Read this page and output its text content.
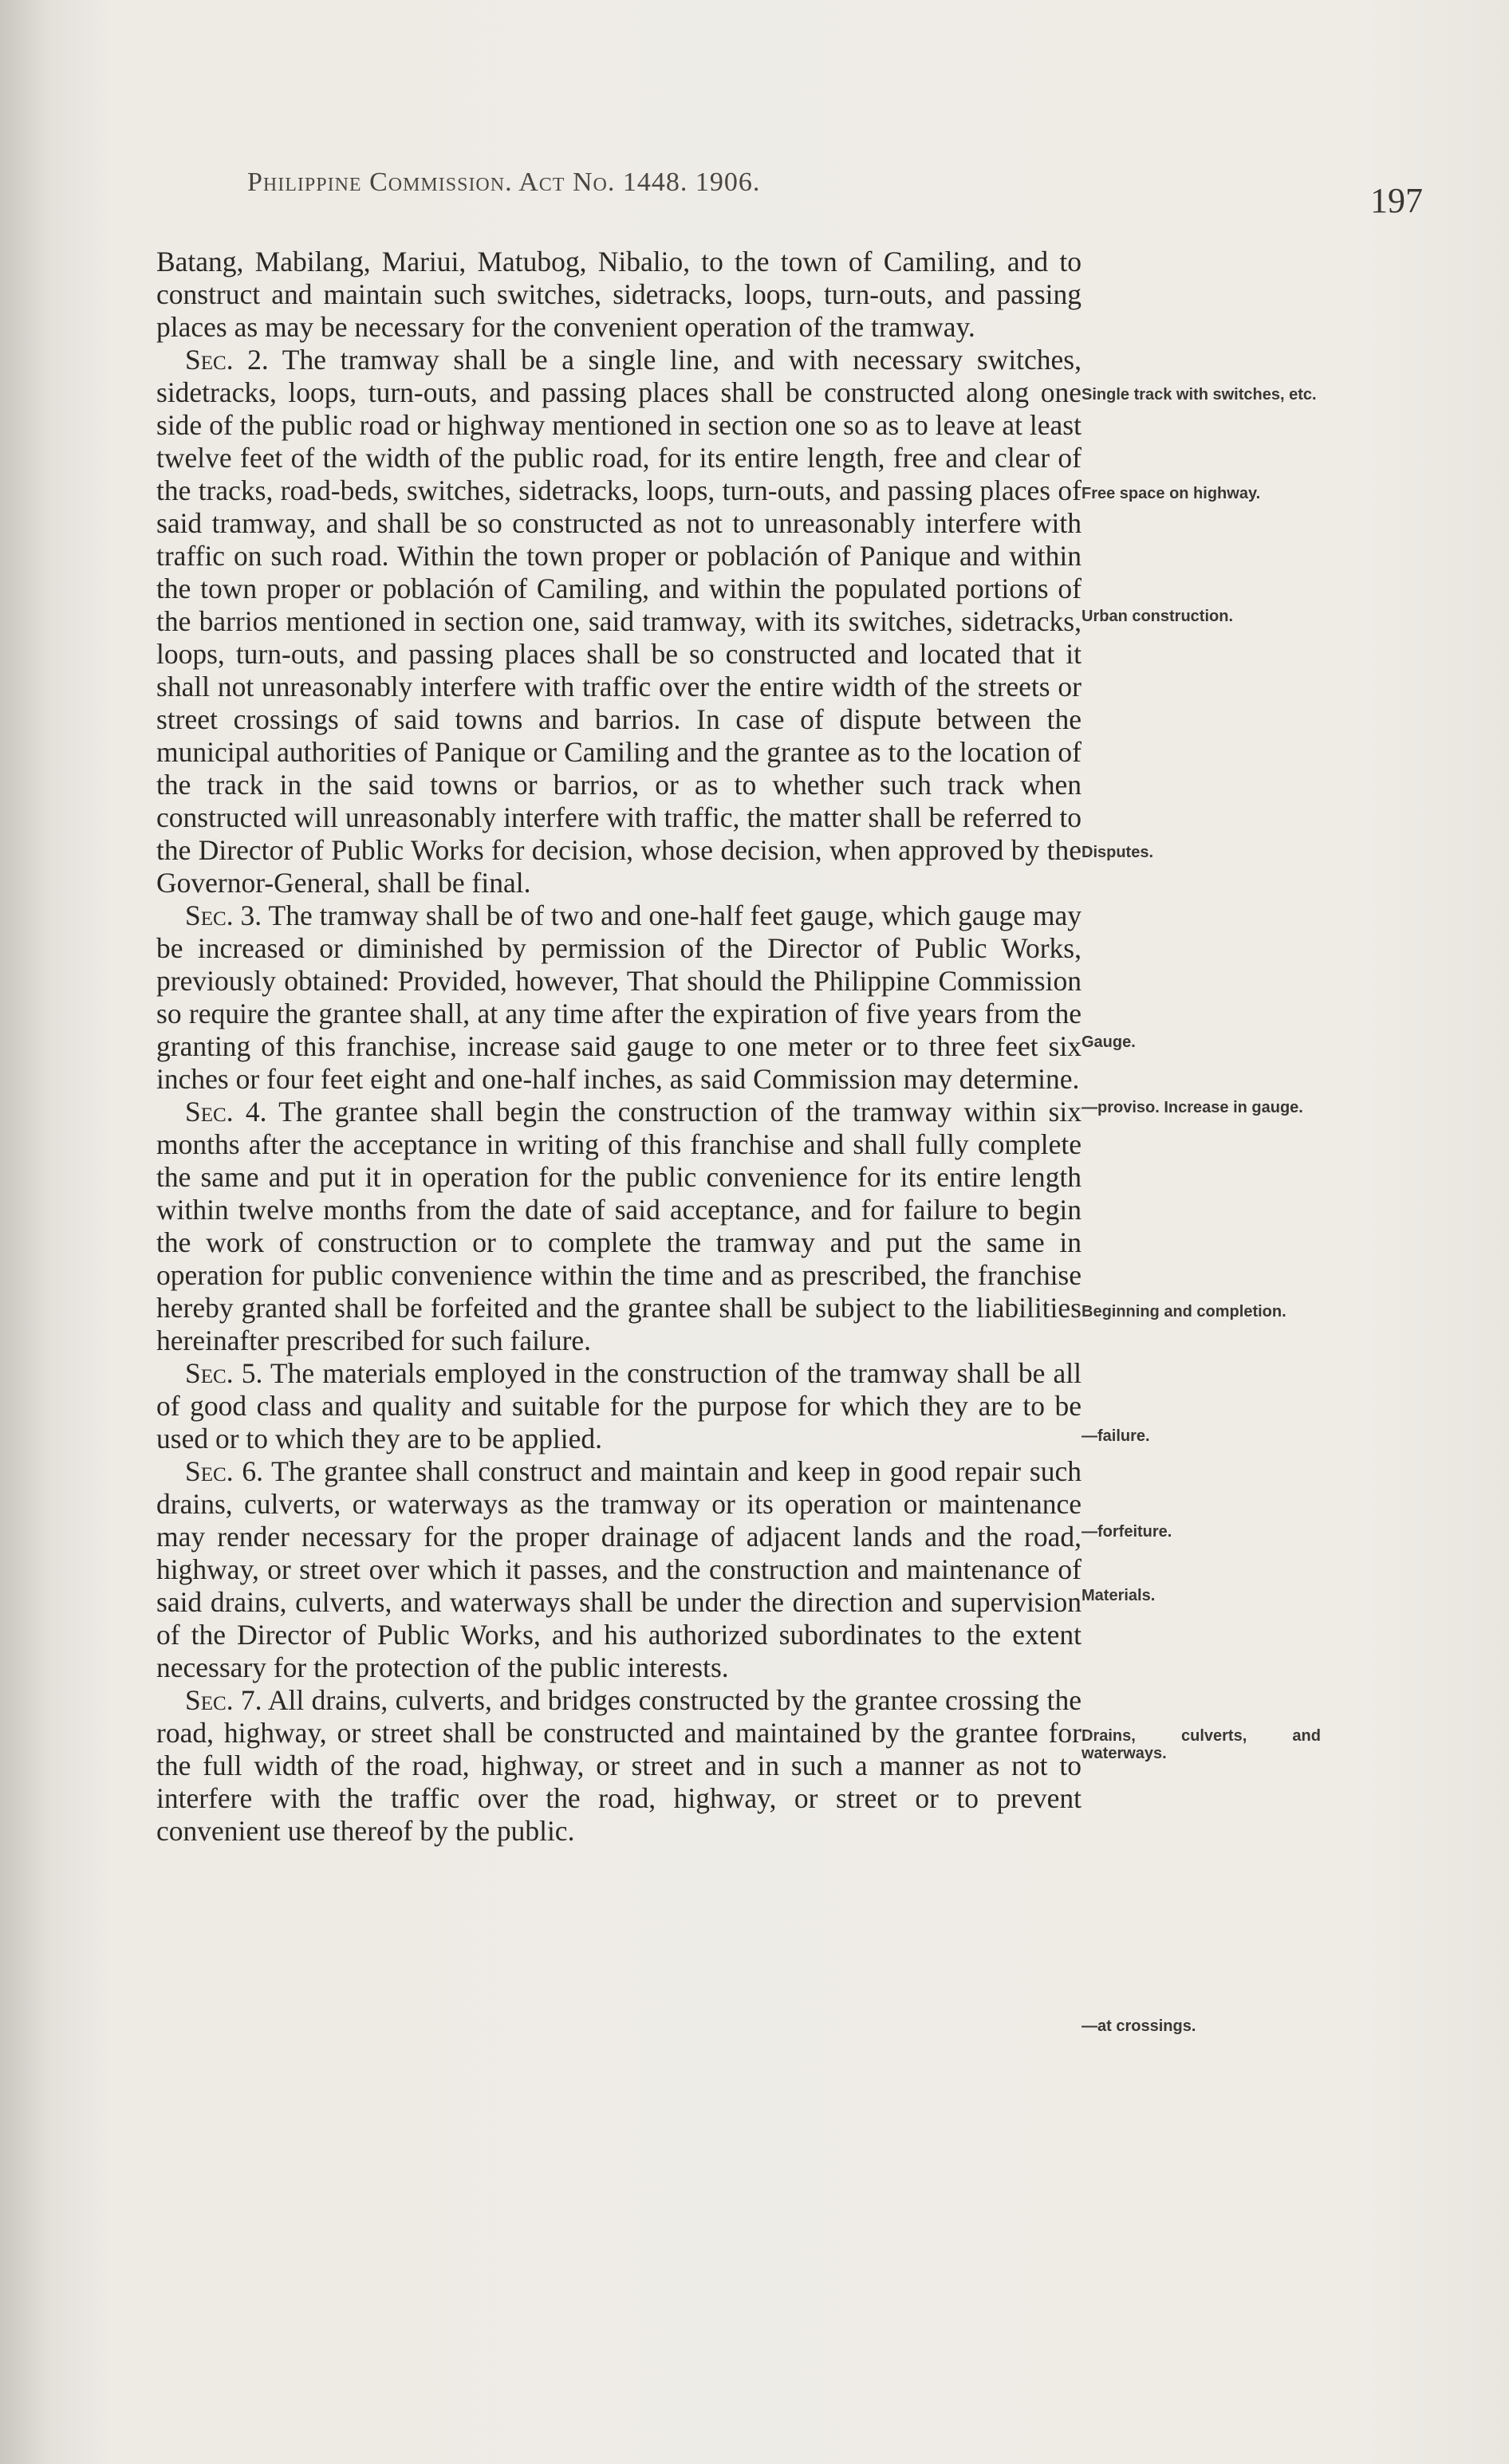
Philippine Commission. Act No. 1448. 1906.	197

Batang, Mabilang, Mariui, Matubog, Nibalio, to the town of Camiling, and to construct and maintain such switches, sidetracks, loops, turn-outs, and passing places as may be necessary for the convenient operation of the tramway.

Sec. 2. The tramway shall be a single line, and with necessary switches, sidetracks, loops, turn-outs, and passing places shall be constructed along one side of the public road or highway mentioned in section one so as to leave at least twelve feet of the width of the public road, for its entire length, free and clear of the tracks, road-beds, switches, sidetracks, loops, turn-outs, and passing places of said tramway, and shall be so constructed as not to unreasonably interfere with traffic on such road. Within the town proper or población of Panique and within the town proper or población of Camiling, and within the populated portions of the barrios mentioned in section one, said tramway, with its switches, sidetracks, loops, turn-outs, and passing places shall be so constructed and located that it shall not unreasonably interfere with traffic over the entire width of the streets or street crossings of said towns and barrios. In case of dispute between the municipal authorities of Panique or Camiling and the grantee as to the location of the track in the said towns or barrios, or as to whether such track when constructed will unreasonably interfere with traffic, the matter shall be referred to the Director of Public Works for decision, whose decision, when approved by the Governor-General, shall be final.

Sec. 3. The tramway shall be of two and one-half feet gauge, which gauge may be increased or diminished by permission of the Director of Public Works, previously obtained: Provided, however, That should the Philippine Commission so require the grantee shall, at any time after the expiration of five years from the granting of this franchise, increase said gauge to one meter or to three feet six inches or four feet eight and one-half inches, as said Commission may determine.

Sec. 4. The grantee shall begin the construction of the tramway within six months after the acceptance in writing of this franchise and shall fully complete the same and put it in operation for the public convenience for its entire length within twelve months from the date of said acceptance, and for failure to begin the work of construction or to complete the tramway and put the same in operation for public convenience within the time and as prescribed, the franchise hereby granted shall be forfeited and the grantee shall be subject to the liabilities hereinafter prescribed for such failure.

Sec. 5. The materials employed in the construction of the tramway shall be all of good class and quality and suitable for the purpose for which they are to be used or to which they are to be applied.

Sec. 6. The grantee shall construct and maintain and keep in good repair such drains, culverts, or waterways as the tramway or its operation or maintenance may render necessary for the proper drainage of adjacent lands and the road, highway, or street over which it passes, and the construction and maintenance of said drains, culverts, and waterways shall be under the direction and supervision of the Director of Public Works, and his authorized subordinates to the extent necessary for the protection of the public interests.

Sec. 7. All drains, culverts, and bridges constructed by the grantee crossing the road, highway, or street shall be constructed and maintained by the grantee for the full width of the road, highway, or street and in such a manner as not to interfere with the traffic over the road, highway, or street or to prevent convenient use thereof by the public.

Single track with switches, etc.
Free space on highway.
Urban construction.
Disputes.
Gauge.
—proviso. Increase in gauge.
Beginning and completion.
—failure.
—forfeiture.
Materials.
Drains, culverts, and waterways.
—at crossings.
